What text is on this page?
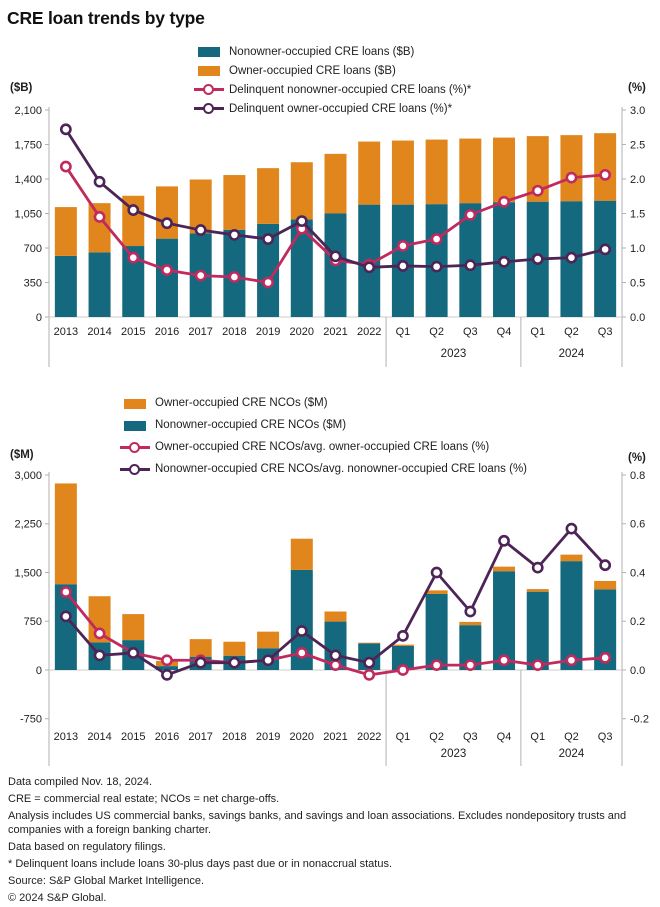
CRE loan trends by type
Nonowner-occupied CRE loans ($B)
Owner-occupied CRE loans ($B)
Delinquent nonowner-occupied CRE loans (%)*
Delinquent owner-occupied CRE loans (%)*
($B)	(%)
0
350
700
1,050
1,400
1,750
2,100
0.0
0.5
1.0
1.5
2.0
2.5
3.0
2013 2014 2015 2016 2017 2018 2019 2020 2021 2022 Q1 Q2 Q3 Q4 Q1 Q2 Q3
2023	2024
Owner-occupied CRE NCOs ($M)
Nonowner-occupied CRE NCOs ($M)
Owner-occupied CRE NCOs/avg. owner-occupied CRE loans (%)
Nonowner-occupied CRE NCOs/avg. nonowner-occupied CRE loans (%)
($M)	(%)
-750
0
750
1,500
2,250
3,000
-0.2
0.0
0.2
0.4
0.6
0.8
2013 2014 2015 2016 2017 2018 2019 2020 2021 2022 Q1 Q2 Q3 Q4 Q1 Q2 Q3
2023	2024

Data compiled Nov. 18, 2024.

CRE = commercial real estate; NCOs = net charge-offs.

Analysis includes US commercial banks, savings banks, and savings and loan associations. Excludes nondepository trusts and companies with a foreign banking charter.

Data based on regulatory filings.

* Delinquent loans include loans 30-plus days past due or in nonaccrual status.

Source: S&P Global Market Intelligence.

© 2024 S&P Global.
